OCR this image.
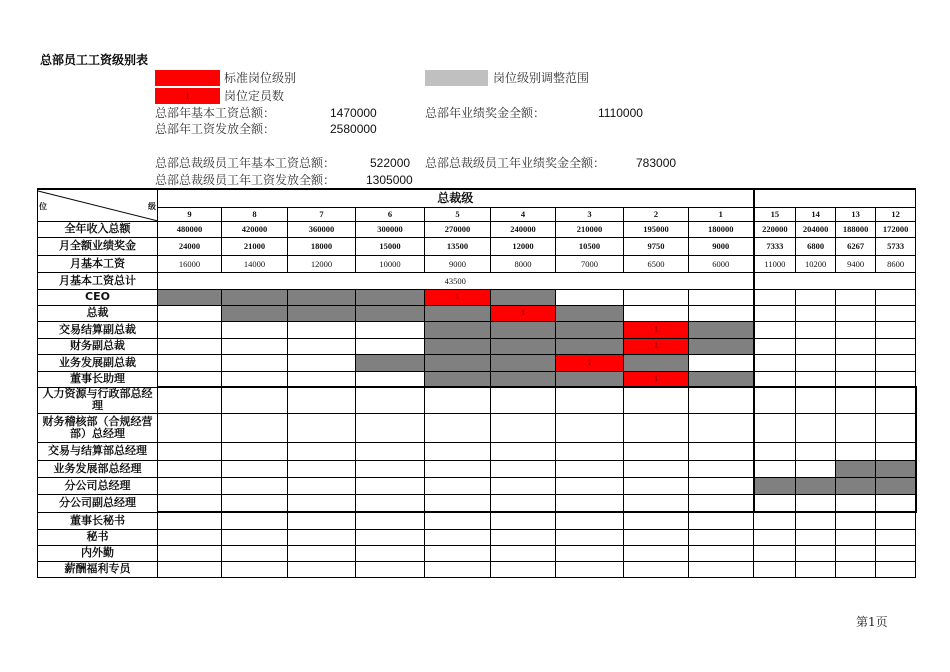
总部员工工资级别表
标准岗位级别	岗位级别调整范围
1	岗位定员数
总部年基本工资总额：	1470000	总部年业绩奖金全额：	1110000
总部年工资发放全额：	2580000
总部总裁级员工年基本工资总额：	522000 总部总裁级员工年业绩奖金全额：	783000
总部总裁级员工年工资发放全额：	1305000
位 级	总裁级												
	9	8	7	6	5	4	3	2	1	15	14	13	12
全年收入总额	480000	420000	360000	300000	270000	240000	210000	195000	180000	220000	204000	188000	172000
月全额业绩奖金	24000	21000	18000	15000	13500	12000	10500	9750	9000	7333	6800	6267	5733
月基本工资	16000	14000	12000	10000	9000	8000	7000	6500	6000	11000	10200	9400	8600
月基本工资总计	43500												
CEO					1								
总裁						1							
交易结算副总裁								1					
财务副总裁								1					
业务发展副总裁							1						
董事长助理								1					
人力资源与行政部总经理													
财务稽核部（合规经营部）总经理													
交易与结算部总经理													
业务发展部总经理													
分公司总经理													
分公司副总经理													
董事长秘书													
秘书													
内外勤													
薪酬福利专员													
第1页
